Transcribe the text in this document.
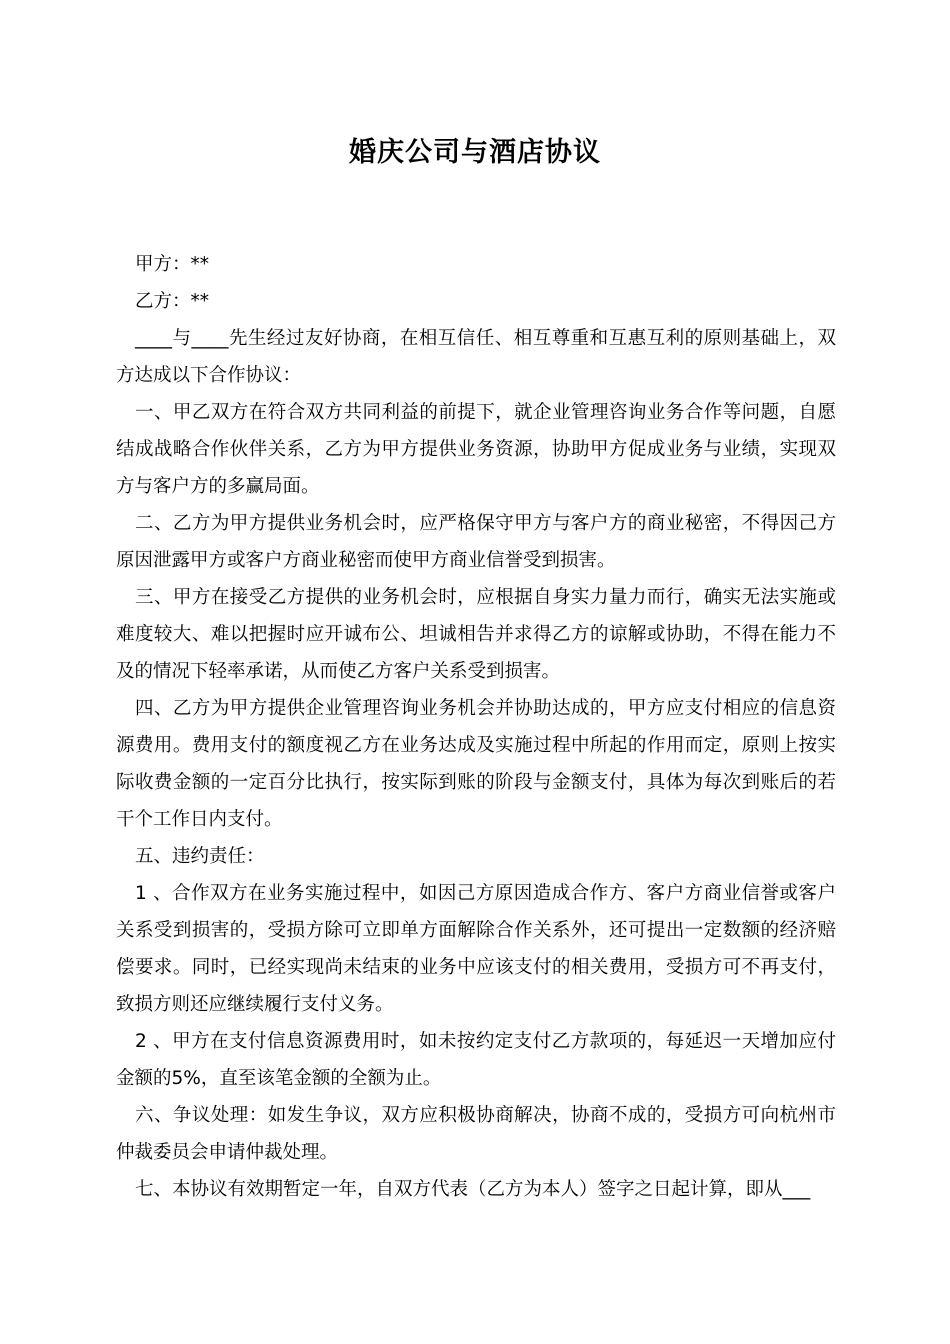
婚庆公司与酒店协议

甲方：**

乙方：**

____与____先生经过友好协商，在相互信任、相互尊重和互惠互利的原则基础上，双方达成以下合作协议：

一、甲乙双方在符合双方共同利益的前提下，就企业管理咨询业务合作等问题，自愿结成战略合作伙伴关系，乙方为甲方提供业务资源，协助甲方促成业务与业绩，实现双方与客户方的多赢局面。

二、乙方为甲方提供业务机会时，应严格保守甲方与客户方的商业秘密，不得因己方原因泄露甲方或客户方商业秘密而使甲方商业信誉受到损害。

三、甲方在接受乙方提供的业务机会时，应根据自身实力量力而行，确实无法实施或难度较大、难以把握时应开诚布公、坦诚相告并求得乙方的谅解或协助，不得在能力不及的情况下轻率承诺，从而使乙方客户关系受到损害。

四、乙方为甲方提供企业管理咨询业务机会并协助达成的，甲方应支付相应的信息资源费用。费用支付的额度视乙方在业务达成及实施过程中所起的作用而定，原则上按实际收费金额的一定百分比执行，按实际到账的阶段与金额支付，具体为每次到账后的若干个工作日内支付。

五、违约责任：

1 、合作双方在业务实施过程中，如因己方原因造成合作方、客户方商业信誉或客户关系受到损害的，受损方除可立即单方面解除合作关系外，还可提出一定数额的经济赔偿要求。同时，已经实现尚未结束的业务中应该支付的相关费用，受损方可不再支付，致损方则还应继续履行支付义务。

2 、甲方在支付信息资源费用时，如未按约定支付乙方款项的，每延迟一天增加应付金额的5%，直至该笔金额的全额为止。

六、争议处理：如发生争议，双方应积极协商解决，协商不成的，受损方可向杭州市仲裁委员会申请仲裁处理。

七、本协议有效期暂定一年，自双方代表（乙方为本人）签字之日起计算，即从___
